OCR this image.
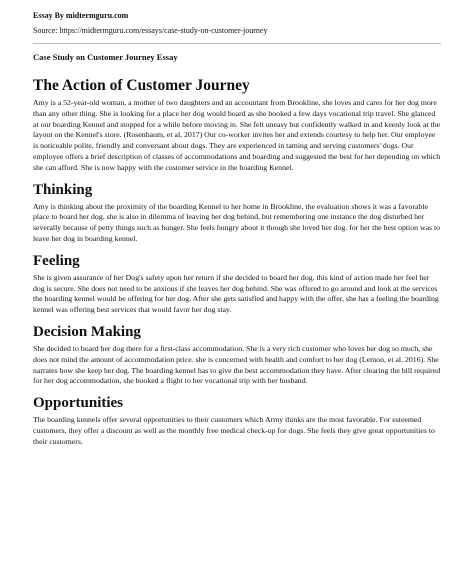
Essay By midtermguru.com
Source: https://midtermguru.com/essays/case-study-on-customer-journey
Case Study on Customer Journey Essay
The Action of Customer Journey

Amy is a 52-year-old woman, a mother of two daughters and an accountant from Brookline, she loves and cares for her dog more than any other thing. She is looking for a place her dog would board as she booked a few days vocational trip travel. She glanced at our boarding Kennel and stopped for a while before moving in. She felt uneasy but confidently walked in and keenly look at the layout on the Kennel's store. (Rosenbaum, et al, 2017) Our co-worker invites her and extends courtesy to help her. Our employee is noticeable polite, friendly and conversant about dogs. They are experienced in taming and serving customers' dogs. Our employee offers a brief description of classes of accommodations and boarding and suggested the best for her depending on which she can afford. She is now happy with the customer service in the boarding Kennel.

Thinking

Amy is thinking about the proximity of the boarding Kennel to her home in Brookline, the evaluation shows it was a favorable place to board her dog. she is also in dilemma of leaving her dog behind, but remembering one instance the dog disturbed her severally because of petty things such as hunger. She feels hungry about it though she loved her dog. for her the best option was to leave her dog in boarding kennel.

Feeling

She is given assurance of her Dog's safety upon her return if she decided to board her dog. this kind of action made her feel her dog is secure. She does not need to be anxious if she leaves her dog behind. She was offered to go around and look at the services the boarding kennel would be offering for her dog. After she gets satisfied and happy with the offer, she has a feeling the boarding kennel was offering best services that would favor her dog stay.

Decision Making

She decided to board her dog there for a first-class accommodation. She is a very rich customer who loves her dog so much, she does not mind the amount of accommodation price. she is concerned with health and comfort to her dog (Lemon, et al, 2016). She narrates how she keep her dog. The boarding kennel has to give the best accommodation they have. After clearing the bill required for her dog accommodation, she booked a flight to her vocational trip with her husband.

Opportunities

The boarding kennels offer several opportunities to their customers which Army thinks are the most favorable. For esteemed customers, they offer a discount as well as the monthly free medical check-up for dogs. She feels they give great opportunities to their customers.
